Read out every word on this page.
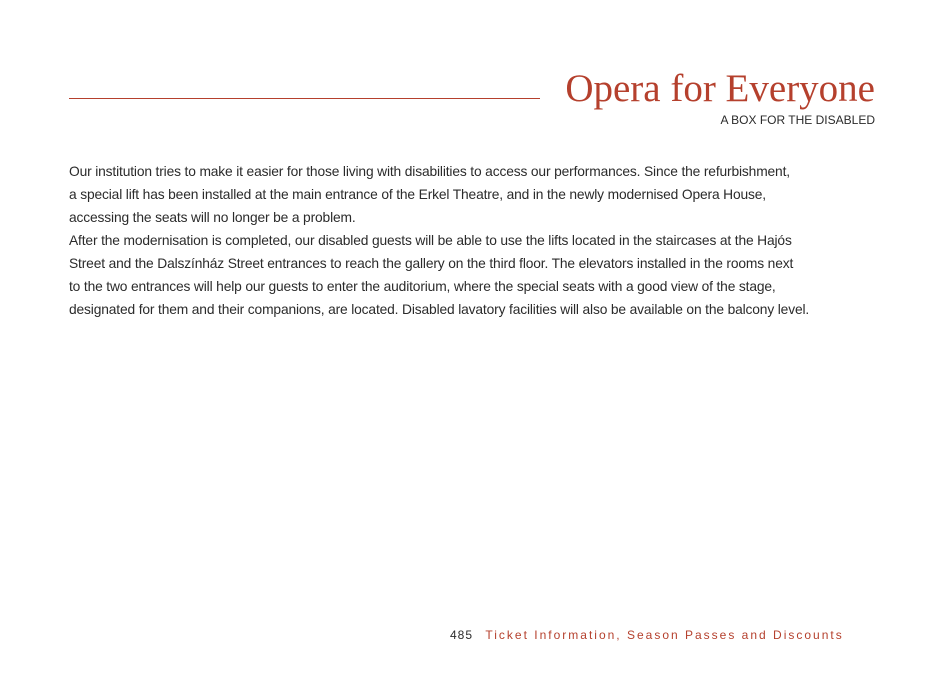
Opera for Everyone
A BOX FOR THE DISABLED
Our institution tries to make it easier for those living with disabilities to access our performances. Since the refurbishment,
a special lift has been installed at the main entrance of the Erkel Theatre, and in the newly modernised Opera House,
accessing the seats will no longer be a problem.
After the modernisation is completed, our disabled guests will be able to use the lifts located in the staircases at the Hajós
Street and the Dalszínház Street entrances to reach the gallery on the third floor. The elevators installed in the rooms next
to the two entrances will help our guests to enter the auditorium, where the special seats with a good view of the stage,
designated for them and their companions, are located. Disabled lavatory facilities will also be available on the balcony level.
485 Ticket Information, Season Passes and Discounts
